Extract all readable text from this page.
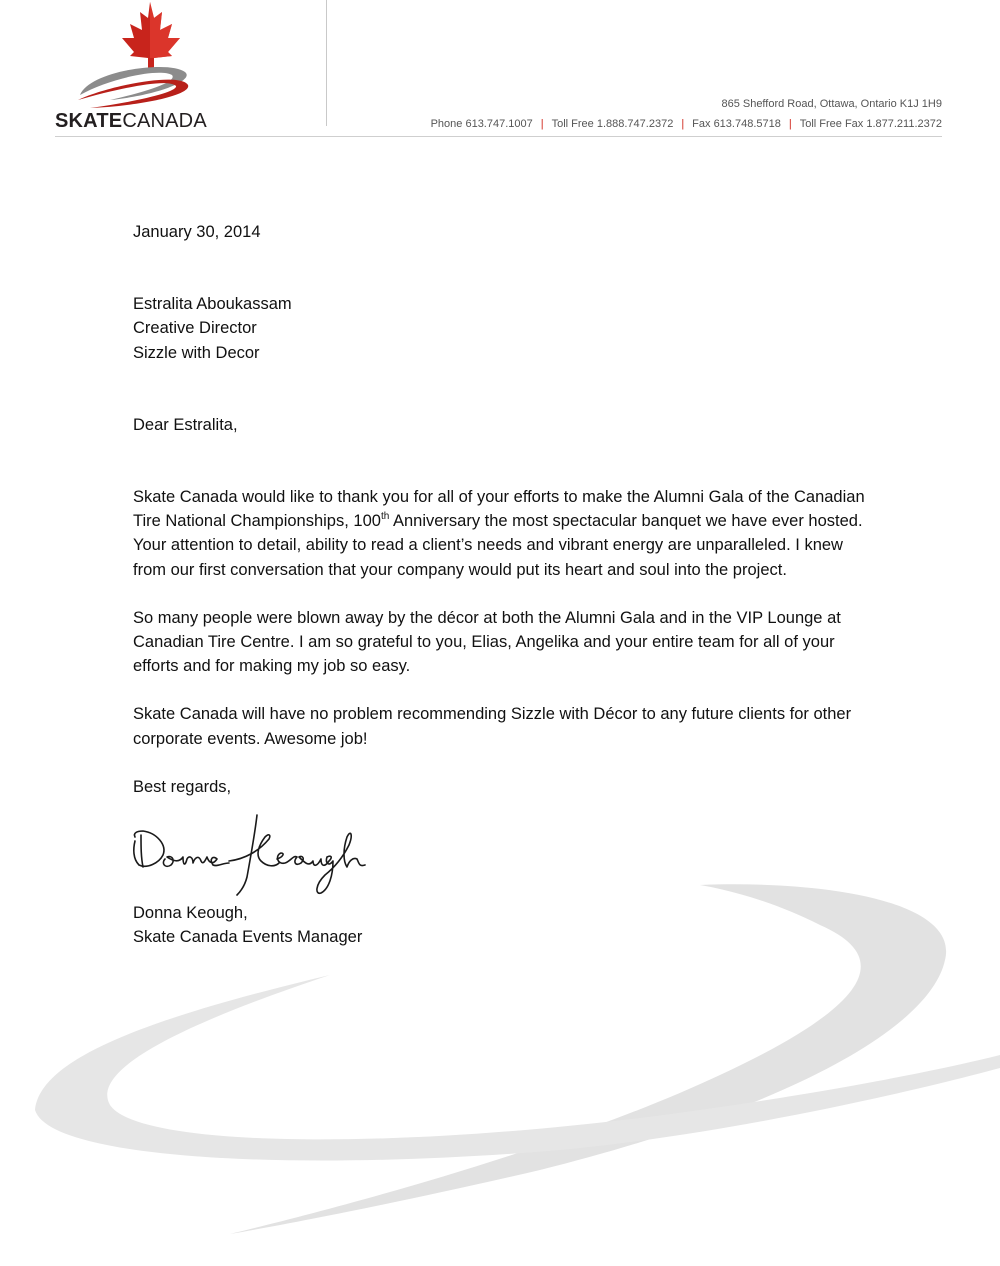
SKATECANADA
865 Shefford Road, Ottawa, Ontario K1J 1H9
Phone 613.747.1007 | Toll Free 1.888.747.2372 | Fax 613.748.5718 | Toll Free Fax 1.877.211.2372

January 30, 2014

Estralita Aboukassam
Creative Director
Sizzle with Decor

Dear Estralita,

Skate Canada would like to thank you for all of your efforts to make the Alumni Gala of the Canadian Tire National Championships, 100th Anniversary the most spectacular banquet we have ever hosted. Your attention to detail, ability to read a client’s needs and vibrant energy are unparalleled. I knew from our first conversation that your company would put its heart and soul into the project.

So many people were blown away by the décor at both the Alumni Gala and in the VIP Lounge at Canadian Tire Centre. I am so grateful to you, Elias, Angelika and your entire team for all of your efforts and for making my job so easy.

Skate Canada will have no problem recommending Sizzle with Décor to any future clients for other corporate events. Awesome job!

Best regards,

Donna Keough,
Skate Canada Events Manager
